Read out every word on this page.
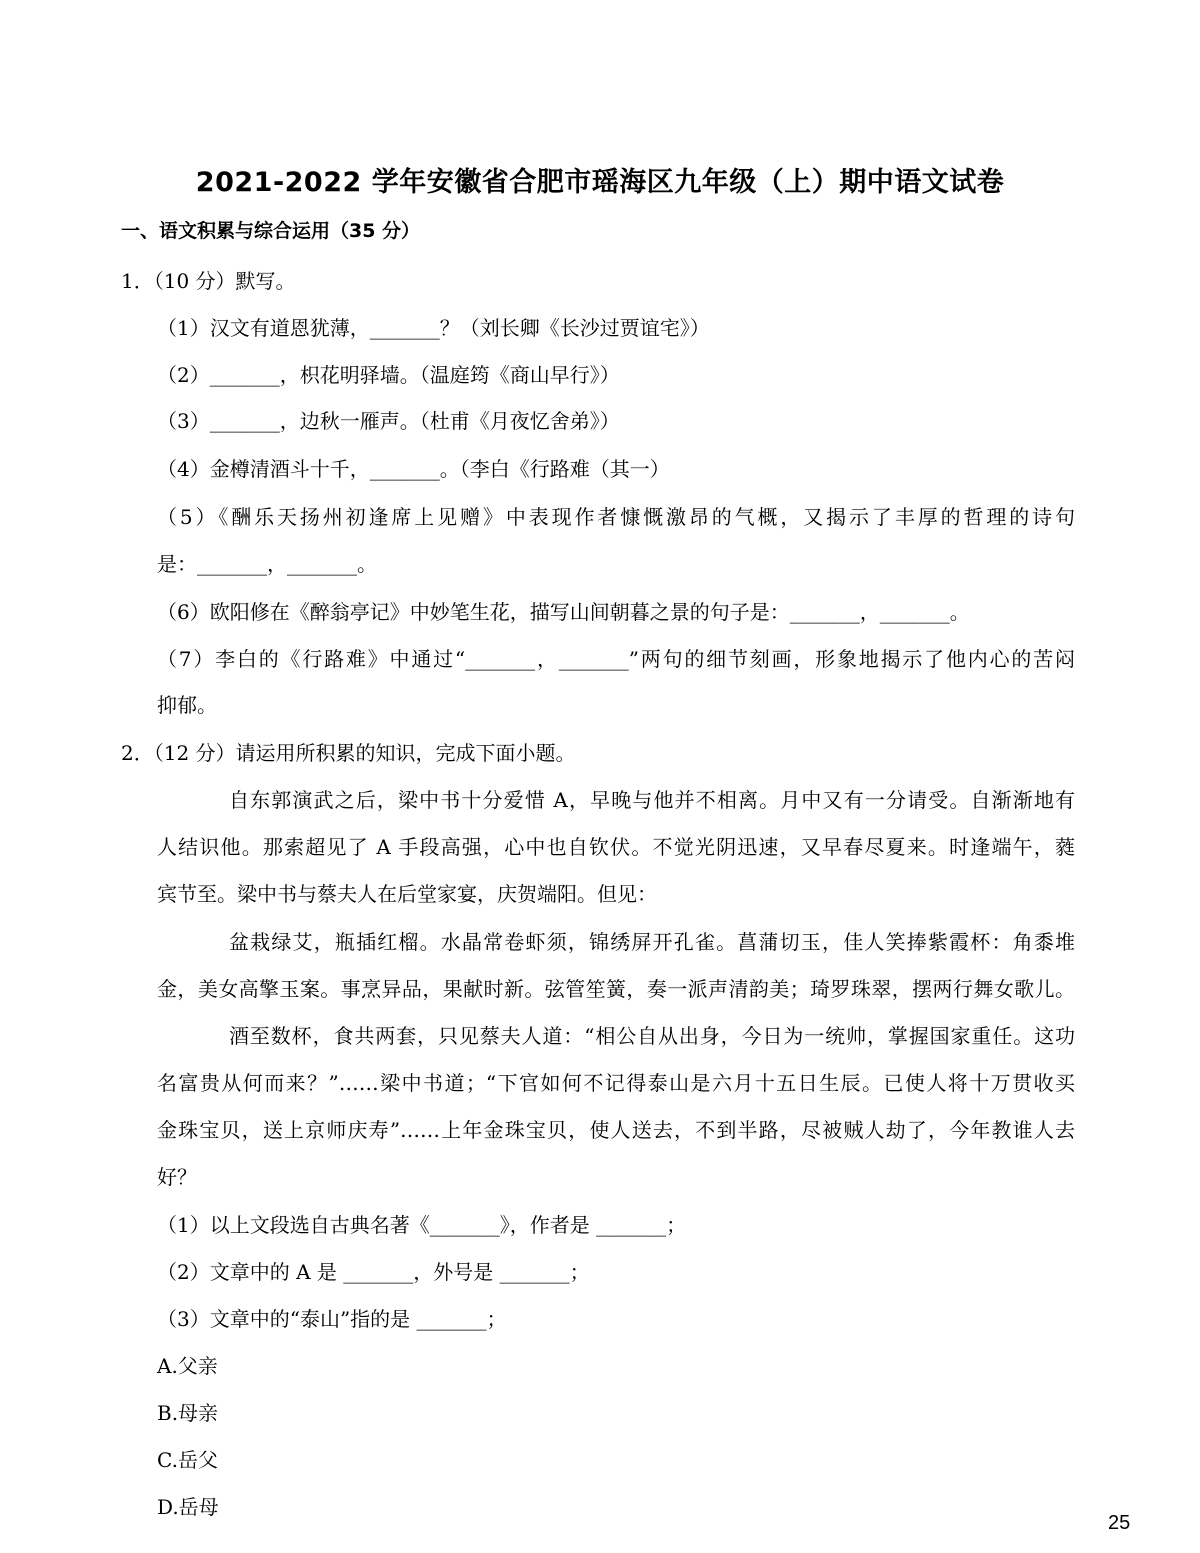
2021-2022 学年安徽省合肥市瑶海区九年级（上）期中语文试卷
一、语文积累与综合运用（35 分）
1．（10 分）默写。
（1）汉文有道恩犹薄，_______？（刘长卿《长沙过贾谊宅》）
（2）_______，枳花明驿墙。（温庭筠《商山早行》）
（3）_______，边秋一雁声。（杜甫《月夜忆舍弟》）
（4）金樽清酒斗十千，_______。（李白《行路难（其一）
（5）《酬乐天扬州初逢席上见赠》中表现作者慷慨激昂的气概，又揭示了丰厚的哲理的诗句
是：_______，_______。
（6）欧阳修在《醉翁亭记》中妙笔生花，描写山间朝暮之景的句子是：_______，_______。
（7）李白的《行路难》中通过“_______，_______”两句的细节刻画，形象地揭示了他内心的苦闷
抑郁。
2．（12 分）请运用所积累的知识，完成下面小题。
自东郭演武之后，梁中书十分爱惜 A，早晚与他并不相离。月中又有一分请受。自渐渐地有
人结识他。那索超见了 A 手段高强，心中也自钦伏。不觉光阴迅速，又早春尽夏来。时逢端午，蕤
宾节至。梁中书与蔡夫人在后堂家宴，庆贺端阳。但见：
盆栽绿艾，瓶插红榴。水晶常卷虾须，锦绣屏开孔雀。菖蒲切玉，佳人笑捧紫霞杯：角黍堆
金，美女高擎玉案。事烹异品，果献时新。弦管笙簧，奏一派声清韵美；琦罗珠翠，摆两行舞女歌儿。
酒至数杯，食共两套，只见蔡夫人道：“相公自从出身，今日为一统帅，掌握国家重任。这功
名富贵从何而来？”……梁中书道；“下官如何不记得泰山是六月十五日生辰。已使人将十万贯收买
金珠宝贝，送上京师庆寿”……上年金珠宝贝，使人送去，不到半路，尽被贼人劫了，今年教谁人去
好？
（1）以上文段选自古典名著《_______》，作者是 _______；
（2）文章中的 A 是 _______，外号是 _______；
（3）文章中的“泰山”指的是 _______；
A.父亲
B.母亲
C.岳父
D.岳母
25
